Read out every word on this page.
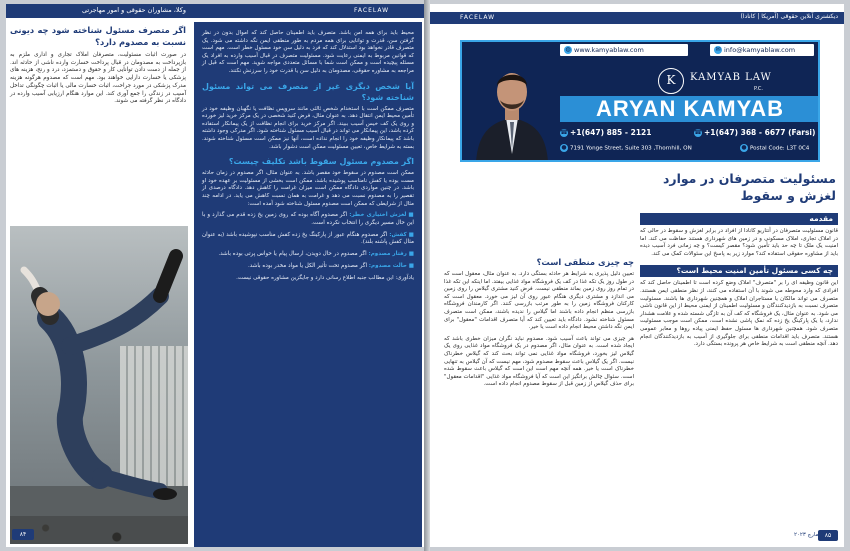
وکلا، مشاوران حقوقی و امور مهاجرتی	FACELAW
اگر متصرف مسئول شناخته شود چه دیونی نسبت به مصدوم دارد؟
در صورت اثبات مسئولیت، متصرفان املاک تجاری و اداری ملزم به بازپرداخت به مصدومان در قبال پرداخت خسارت وارده ناشی از حادثه اند. از جمله از دست دادن توانایی کار و حقوق و دستمزد، درد و رنج، هزینه های پزشکی یا خسارت دارایی خواهند بود. مهم است که مصدوم هرگونه هزینه مدرک پزشکی در مورد جراحت، اثبات خسارت مالی یا اثبات چگونگی تداخل آسیب در زندگی را جمع آوری کند. این موارد هنگام ارزیابی آسیب وارده در دادگاه در نظر گرفته می شوند.
محیط باید برای همه امن باشد. متصرف باید اطمینان حاصل کند که اموال بدون در نظر گرفتن سن، قدرت و توانایی برای همه مردم به طور منطقی ایمن نگه داشته می شود. یک متصرف قادر نخواهد بود استدلال کند که فرد به دلیل سن خود مسئول خطر است. مهم است که قوانین مربوط به ایمنی رعایت شود. مسئولیت متصرف در قبال آسیب وارده به افراد یک مسئله پیچیده است و ممکن است شما با مسائل متعددی مواجه شوید. مهم است که قبل از مراجعه به مشاوره حقوقی، مصدومان به دلیل سن یا قدرت خود را سرزنش نکنند.
آیا شخص دیگری غیر از متصرف می تواند مسئول شناخته شود؟
متصرف ممکن است با استخدام شخص ثالثی مانند سرویس نظافت یا نگهبان وظیفه خود در تأمین محیط ایمن انتقال دهد. به عنوان مثال، فرض کنید شخصی در یک مرکز خرید لیز خورده و روی یک کف خیس آسیب ببیند. اگر مرکز خرید برای انجام نظافت از یک پیمانکار استفاده کرده باشد، این پیمانکار می تواند در قبال آسیب مسئول شناخته شود. اگر مدرکی وجود داشته باشد که پیمانکار وظیفه خود را انجام نداده است، آنها نیز ممکن است مسئول شناخته شوند. بسته به شرایط خاص، تعیین مسئولیت ممکن است دشوار باشد.
اگر مصدوم مسئول سقوط باشد تکلیف چیست؟
ممکن است مصدوم در سقوط خود مقصر باشد. به عنوان مثال، اگر مصدوم در زمان حادثه مست بوده یا کفش نامناسب پوشیده باشد، ممکن است بخشی از مسئولیت بر عهده خود او باشد. در چنین مواردی دادگاه ممکن است میزان غرامت را کاهش دهد. دادگاه درصدی از تقصیر را به مصدوم نسبت می دهد و غرامت به همان نسبت کاهش می یابد. در ادامه چند مثال از شرایطی که ممکن است مصدوم مسئول شناخته شود آمده است:
■ لغزش اختیاری خطر: اگر مصدوم آگاه بوده که روی زمین یخ زده قدم می گذارد و با این حال مسیر دیگری را انتخاب نکرده است.
■ کفش: اگر مصدوم هنگام عبور از پارکینگ یخ زده کفش مناسب نپوشیده باشد (به عنوان مثال کفش پاشنه بلند).
■ رفتار مصدوم: اگر مصدوم در حال دویدن، ارسال پیام یا حواس پرتی بوده باشد.
■ حالت مصدوم: اگر مصدوم تحت تأثیر الکل یا مواد مخدر بوده باشد.
یادآوری: این مطالب جنبه اطلاع رسانی دارد و جایگزین مشاوره حقوقی نیست.
۸۴
FACELAW	دیکشنری آنلاین حقوقی (آمریکا | کانادا)
◍ www.kamyablaw.com	✉ info@kamyablaw.com
K	KAMYAB LAW
P.C.
ARYAN KAMYAB
☎ +1(647) 885 - 2121	☎ +1(647) 368 - 6677 (Farsi)
● 7191 Yonge Street, Suite 303 ,Thornhill, ON	● Postal Code: L3T 0C4
مسئولیت متصرفان در موارد لغزش و سقوط
مقدمه
قانون مسئولیت متصرفان در آنتاریو کانادا از افراد در برابر لغزش و سقوط در حالی که در املاک تجاری، املاک مسکونی و در زمین های شهرداری هستند حفاظت می کند. اما امنیت یک ملک تا چه حد باید تأمین شود؟ مقصر کیست؟ و چه زمانی فرد آسیب دیده باید از مشاوره حقوقی استفاده کند؟ موارد زیر به پاسخ این سئوالات کمک می کند.
چه کسی مسئول تأمین امنیت محیط است؟
این قانون وظیفه ای را بر "متصرف" املاک وضع کرده است تا اطمینان حاصل کند که افرادی که وارد محوطه می شوند با آن استفاده می کنند، از نظر منطقی ایمن هستند. متصرف می تواند مالکان یا مستاجران املاک و همچنین شهرداری ها باشند. مسئولیت متصرف نسبت به بازدیدکنندگان و مسئولیت اطمینان از ایمنی محیط از این قانون ناشی می شود. به عنوان مثال، یک فروشگاه که کف آن به تازگی شسته شده و علامت هشدار ندارد، یا یک پارکینگ یخ زده که نمک پاشی نشده است، ممکن است موجب مسئولیت متصرف شود. همچنین شهرداری ها مسئول حفظ ایمنی پیاده روها و معابر عمومی هستند. متصرف باید اقدامات منطقی برای جلوگیری از آسیب به بازدیدکنندگان انجام دهد. آنچه منطقی است به شرایط خاص هر پرونده بستگی دارد.
چه چیزی منطقی است؟
تعیین دلیل پذیری به شرایط هر حادثه بستگی دارد. به عنوان مثال، معقول است که در طول روز یک تکه غذا در کف یک فروشگاه مواد غذایی بیفتد. اما اینکه این تکه غذا در تمام روز روی زمین بماند منطقی نیست. فرض کنید مشتری گیلاس را روی زمین می اندازد و مشتری دیگری هنگام عبور روی آن لیز می خورد. معقول است که کارکنان فروشگاه زمین را به طور مرتب بازرسی کنند. اگر کارمندان فروشگاه بازرسی منظم انجام داده باشند اما گیلاس را ندیده باشند، ممکن است متصرف مسئول شناخته نشود. دادگاه باید تعیین کند که آیا متصرف اقدامات "معقول" برای ایمن نگه داشتن محیط انجام داده است یا خیر.
هر چیزی می تواند باعث آسیب شود. مصدوم نباید نگران میزان خطری باشد که ایجاد شده است. به عنوان مثال، اگر مصدوم در یک فروشگاه مواد غذایی روی یک گیلاس لیز بخورد، فروشگاه مواد غذایی نمی تواند بحث کند که گیلاس خطرناک نیست. اگر یک گیلاس باعث سقوط مصدوم شود، مهم نیست که آن گیلاس به تنهایی خطرناک است یا خیر. همه آنچه مهم است این است که گیلاس باعث سقوط شده است. سئوال چالش برانگیز این است که آیا فروشگاه مواد غذایی "اقدامات معقول" برای حذف گیلاس از زمین قبل از سقوط مصدوم انجام داده است.
مارچ ۲۰۲۳	۸۵
